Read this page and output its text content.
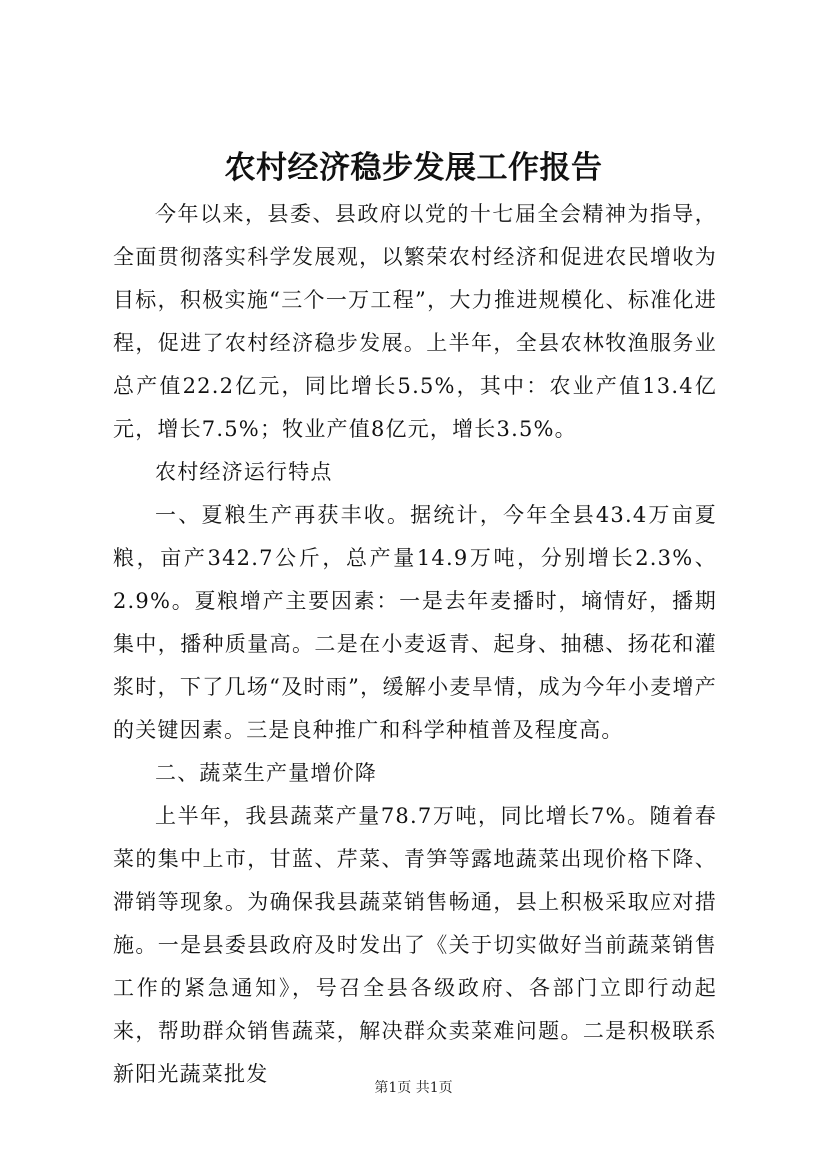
农村经济稳步发展工作报告

今年以来，县委、县政府以党的十七届全会精神为指导，全面贯彻落实科学发展观，以繁荣农村经济和促进农民增收为目标，积极实施“三个一万工程”，大力推进规模化、标准化进程，促进了农村经济稳步发展。上半年，全县农林牧渔服务业总产值22.2亿元，同比增长5.5%，其中：农业产值13.4亿元，增长7.5%；牧业产值8亿元，增长3.5%。

农村经济运行特点

一、夏粮生产再获丰收。据统计，今年全县43.4万亩夏粮，亩产342.7公斤，总产量14.9万吨，分别增长2.3%、2.9%。夏粮增产主要因素：一是去年麦播时，墒情好，播期集中，播种质量高。二是在小麦返青、起身、抽穗、扬花和灌浆时，下了几场“及时雨”，缓解小麦旱情，成为今年小麦增产的关键因素。三是良种推广和科学种植普及程度高。

二、蔬菜生产量增价降

上半年，我县蔬菜产量78.7万吨，同比增长7%。随着春菜的集中上市，甘蓝、芹菜、青笋等露地蔬菜出现价格下降、滞销等现象。为确保我县蔬菜销售畅通，县上积极采取应对措施。一是县委县政府及时发出了《关于切实做好当前蔬菜销售工作的紧急通知》，号召全县各级政府、各部门立即行动起来，帮助群众销售蔬菜，解决群众卖菜难问题。二是积极联系新阳光蔬菜批发

第1页 共1页
